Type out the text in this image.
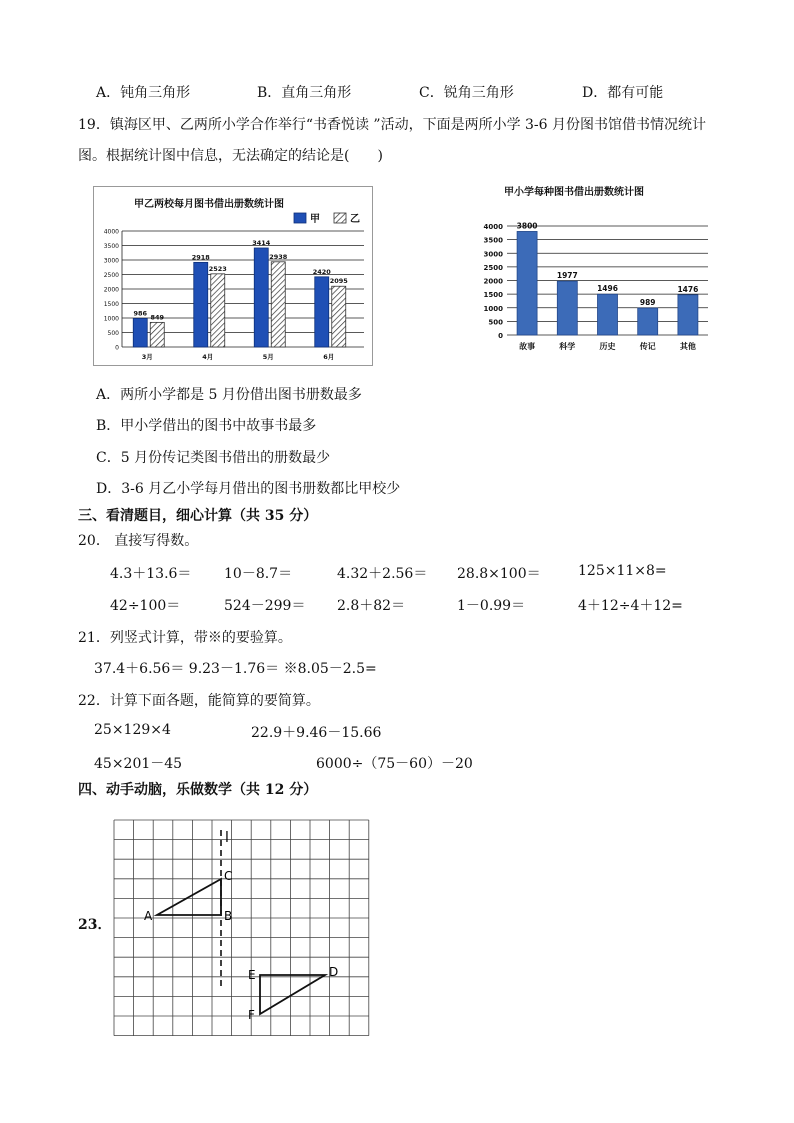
A．钝角三角形	B．直角三角形	C．锐角三角形	D．都有可能
19．镇海区甲、乙两所小学合作举行“书香悦读 ”活动，下面是两所小学 3-6 月份图书馆借书情况统计
图。根据统计图中信息，无法确定的结论是(　　)
甲乙两校每月图书借出册数统计图
0
500
1000
1500
2000
2500
3000
3500
4000
986 849
3月
2918
2523
4月
3414
2938
5月
2420
2095
6月
甲	乙
甲小学每种图书借出册数统计图
0
500
1000
1500
2000
2500
3000
3500
4000 3800
故事
1977
科学
1496
历史
989
传记
1476
其他
A．两所小学都是 5 月份借出图书册数最多
B．甲小学借出的图书中故事书最多
C．5 月份传记类图书借出的册数最少
D．3-6 月乙小学每月借出的图书册数都比甲校少
三、看清题目，细心计算（共 35 分）
20． 直接写得数。
4.3＋13.6＝ 10－8.7＝	4.32＋2.56＝ 28.8×100＝	125×11×8=
42÷100＝	524－299＝ 2.8＋82＝	1－0.99＝	4＋12÷4＋12=
21．列竖式计算，带※的要验算。
37.4＋6.56＝ 9.23－1.76＝ ※8.05－2.5=
22．计算下面各题，能简算的要简算。
25×129×4	22.9＋9.46－15.66
45×201－45	6000÷（75－60）－20
四、动手动脑，乐做数学（共 12 分）
23．
l
A	B
C
D
E
F
